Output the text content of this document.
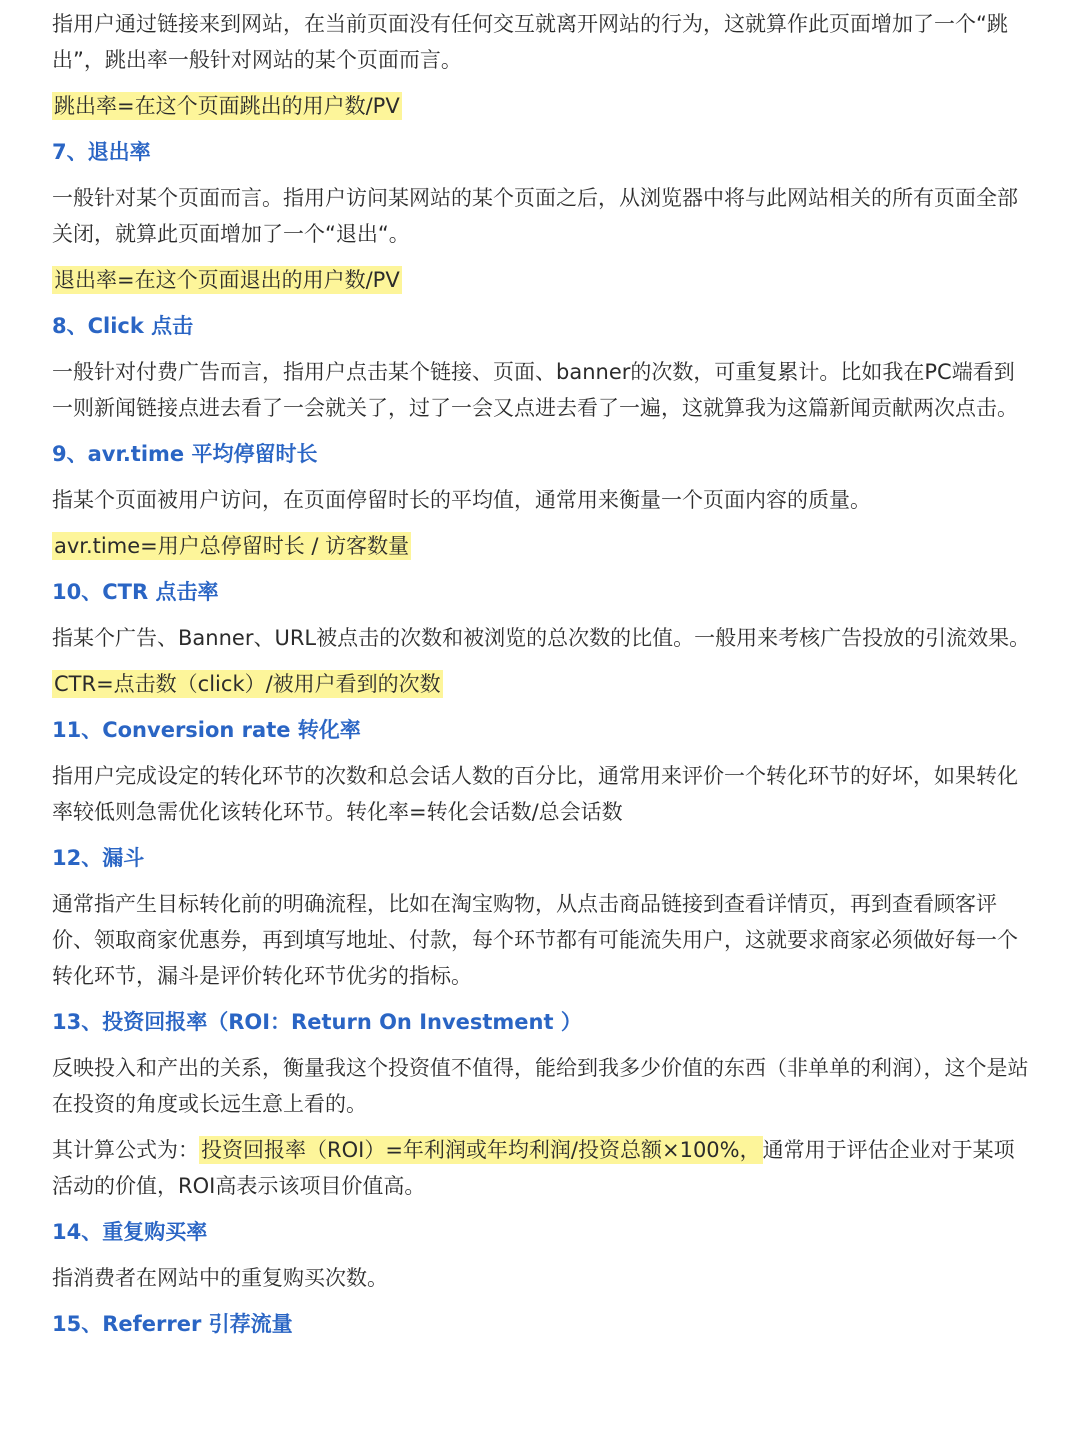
指用户通过链接来到网站，在当前页面没有任何交互就离开网站的行为，这就算作此页面增加了一个“跳出”，跳出率一般针对网站的某个页面而言。

跳出率=在这个页面跳出的用户数/PV

7、退出率

一般针对某个页面而言。指用户访问某网站的某个页面之后，从浏览器中将与此网站相关的所有页面全部关闭，就算此页面增加了一个“退出“。

退出率=在这个页面退出的用户数/PV

8、Click 点击

一般针对付费广告而言，指用户点击某个链接、页面、banner的次数，可重复累计。比如我在PC端看到一则新闻链接点进去看了一会就关了，过了一会又点进去看了一遍，这就算我为这篇新闻贡献两次点击。

9、avr.time 平均停留时长

指某个页面被用户访问，在页面停留时长的平均值，通常用来衡量一个页面内容的质量。

avr.time=用户总停留时长 / 访客数量

10、CTR 点击率

指某个广告、Banner、URL被点击的次数和被浏览的总次数的比值。一般用来考核广告投放的引流效果。

CTR=点击数（click）/被用户看到的次数

11、Conversion rate 转化率

指用户完成设定的转化环节的次数和总会话人数的百分比，通常用来评价一个转化环节的好坏，如果转化率较低则急需优化该转化环节。转化率=转化会话数/总会话数

12、漏斗

通常指产生目标转化前的明确流程，比如在淘宝购物，从点击商品链接到查看详情页，再到查看顾客评价、领取商家优惠券，再到填写地址、付款，每个环节都有可能流失用户，这就要求商家必须做好每一个转化环节，漏斗是评价转化环节优劣的指标。

13、投资回报率（ROI：Return On Investment ）

反映投入和产出的关系，衡量我这个投资值不值得，能给到我多少价值的东西（非单单的利润），这个是站在投资的角度或长远生意上看的。

其计算公式为：投资回报率（ROI）=年利润或年均利润/投资总额×100%，通常用于评估企业对于某项活动的价值，ROI高表示该项目价值高。

14、重复购买率

指消费者在网站中的重复购买次数。

15、Referrer 引荐流量
